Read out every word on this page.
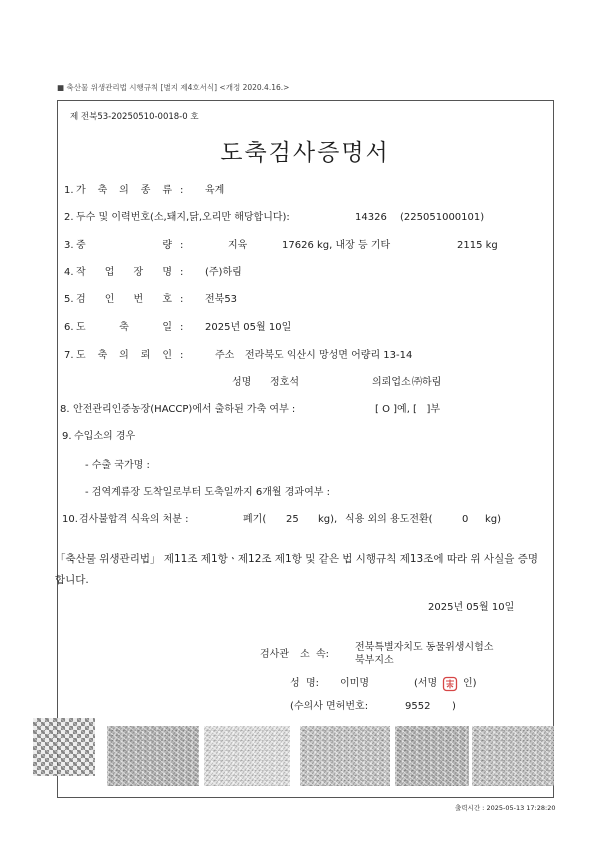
■ 축산물 위생관리법 시행규칙 [별지 제4호서식] <개정 2020.4.16.>
제 전북53-20250510-0018-0 호
도축검사증명서
1. 가 축 의 종 류 : 육계
2. 두수 및 이력번호(소,돼지,닭,오리만 해당합니다):	14326 (225051000101)
3. 중 량 :	지육	17626 kg, 내장 등 기타	2115 kg
4. 작 업 장 명 : (주)하림
5. 검 인 번 호 : 전북53
6. 도 축 일 : 2025년 05월 10일
7. 도 축 의 뢰 인 :	주소 전라북도 익산시 망성면 어량리 13-14
성명 정호석	의뢰업소 ㈜하림
8. 안전관리인증농장(HACCP)에서 출하된 가축 여부 :	[ O ]예, [   ]부
9. 수입소의 경우
- 수출 국가명 :
- 검역계류장 도착일로부터 도축일까지 6개월 경과여부 :
10. 검사불합격 식육의 처분 :	폐기( 25 kg), 식용 외의 용도전환(	0 kg)
「축산물 위생관리법」 제11조 제1항ㆍ제12조 제1항 및 같은 법 시행규칙 제13조에 따라 위 사실을 증명합니다.
2025년 05월 10일
검사관 소  속:
전북특별자치도 동물위생시험소
북부지소
성  명: 이미명	(서명	인)
(수의사 면허번호:	9552 )
출력시간 : 2025-05-13 17:28:20
